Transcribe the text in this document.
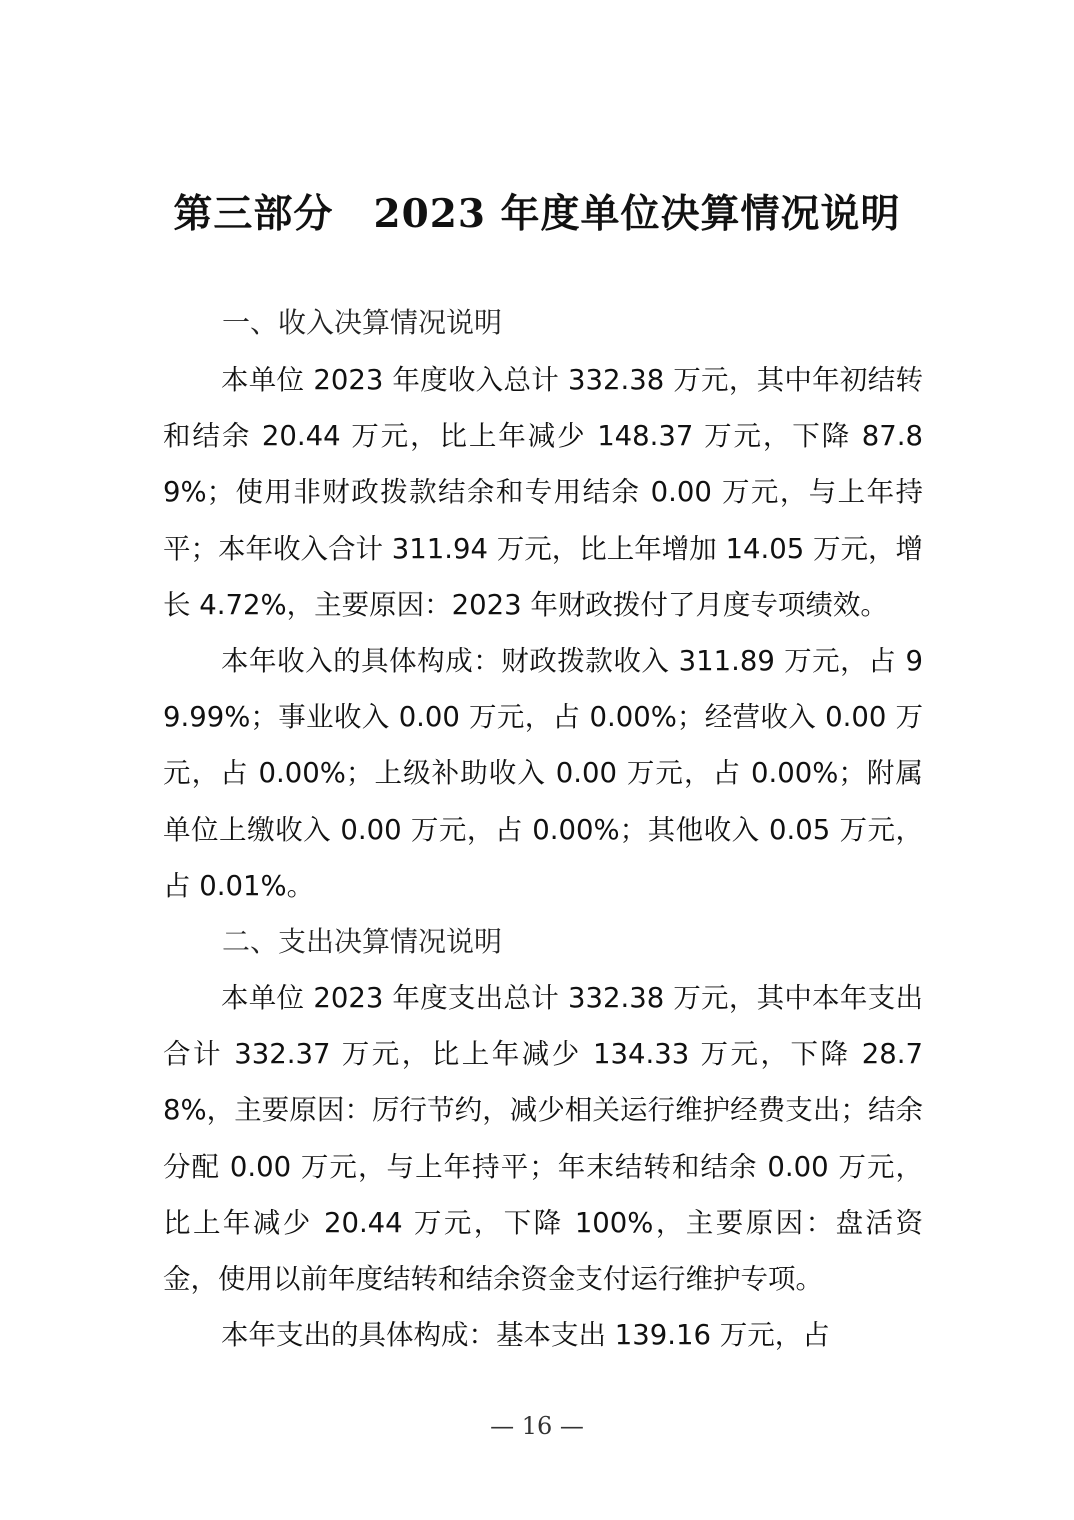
第三部分 2023 年度单位决算情况说明
一、收入决算情况说明

本单位 2023 年度收入总计 332.38 万元，其中年初结转和结余 20.44 万元，比上年减少 148.37 万元，下降 87.89%；使用非财政拨款结余和专用结余 0.00 万元，与上年持平；本年收入合计 311.94 万元，比上年增加 14.05 万元，增长 4.72%，主要原因：2023 年财政拨付了月度专项绩效。

本年收入的具体构成：财政拨款收入 311.89 万元，占 99.99%；事业收入 0.00 万元，占 0.00%；经营收入 0.00 万元，占 0.00%；上级补助收入 0.00 万元，占 0.00%；附属单位上缴收入 0.00 万元，占 0.00%；其他收入 0.05 万元，占 0.01%。

二、支出决算情况说明

本单位 2023 年度支出总计 332.38 万元，其中本年支出合计 332.37 万元，比上年减少 134.33 万元，下降 28.78%，主要原因：厉行节约，减少相关运行维护经费支出；结余分配 0.00 万元，与上年持平；年末结转和结余 0.00 万元，比上年减少 20.44 万元，下降 100%，主要原因：盘活资金，使用以前年度结转和结余资金支付运行维护专项。

本年支出的具体构成：基本支出 139.16 万元，占

— 16 —
